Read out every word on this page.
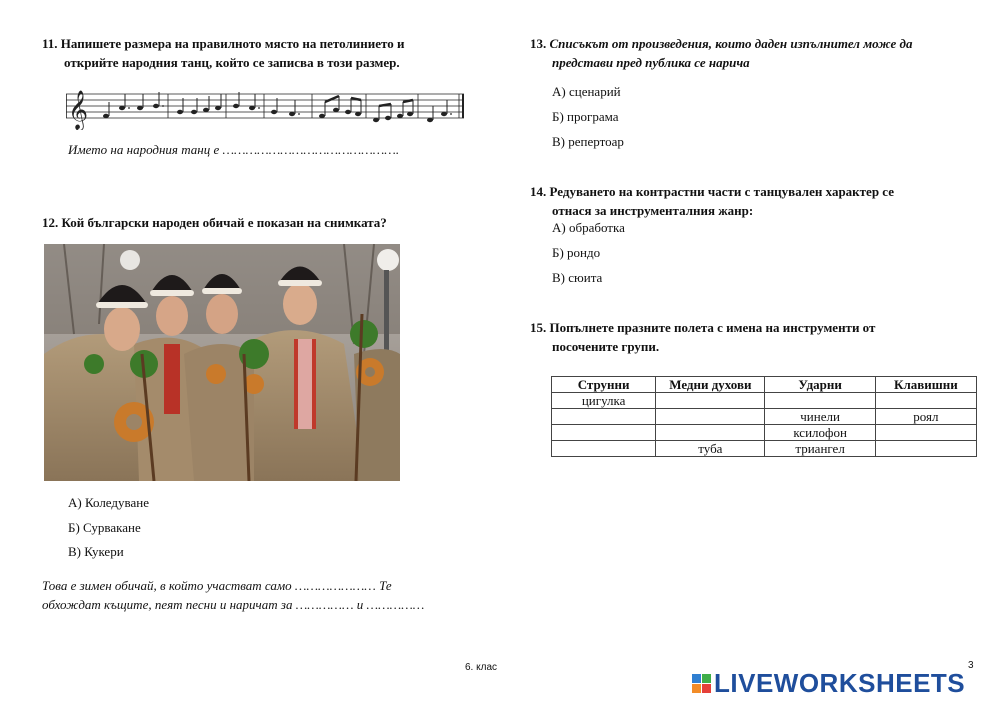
11. Напишете размера на правилното място на петолинието и
открийте народния танц, който се записва в този размер.
𝄞
Името на народния танц е ……………………………………….
12. Кой български народен обичай е показан на снимката?
А) Коледуване
Б) Сурвакане
В) Кукери
Това е зимен обичай, в който участват само ………………… Те
обхождат къщите, пеят песни и наричат за …………… и ……………
13. Списъкът от произведения, които даден изпълнител може да
представи пред публика се нарича
А) сценарий
Б) програма
В) репертоар
14. Редуването на контрастни части с танцувален характер се
отнася за инструменталния жанр:
А) обработка
Б) рондо
В) сюита
15. Попълнете празните полета с имена на инструменти от
посочените групи.
Струнни	Медни духови	Ударни	Клавишни
цигулка			
		чинели	роял
		ксилофон	
	туба	триангел	
6. клас	3
LIVEWORKSHEETS
